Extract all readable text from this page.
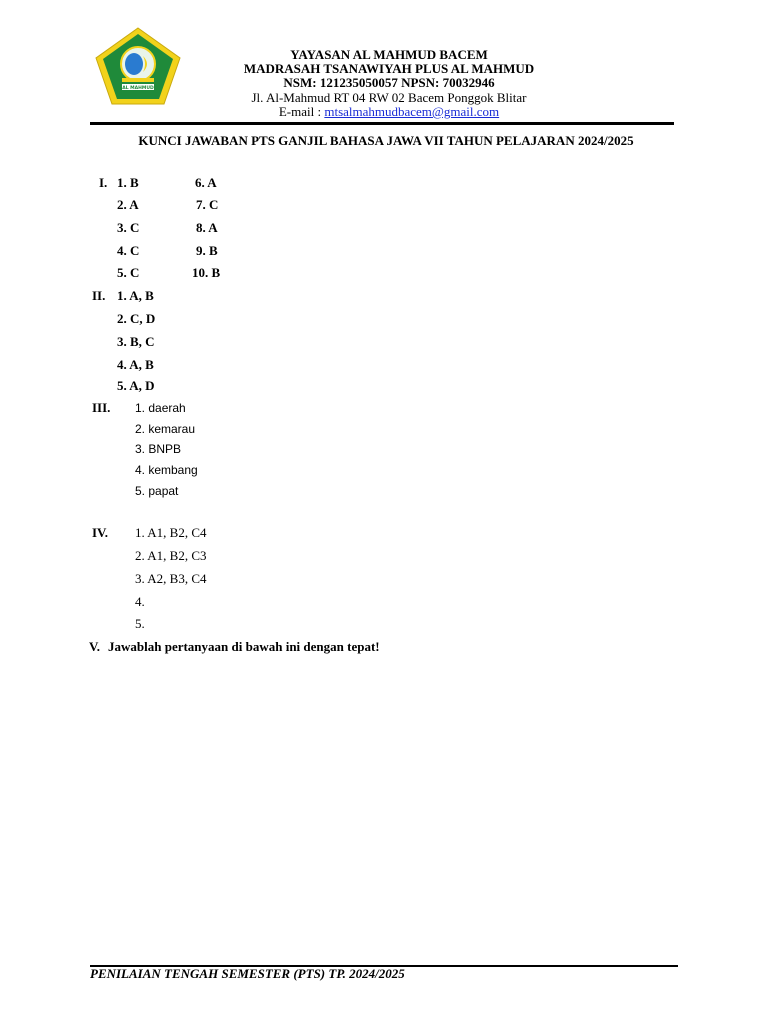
AL MAHMUD
YAYASAN AL MAHMUD BACEM
MADRASAH TSANAWIYAH PLUS AL MAHMUD
NSM: 121235050057 NPSN: 70032946
Jl. Al-Mahmud RT 04 RW 02 Bacem Ponggok Blitar
E-mail : mtsalmahmudbacem@gmail.com
KUNCI JAWABAN PTS GANJIL BAHASA JAWA VII TAHUN PELAJARAN 2024/2025
I. 1. B
2. A
3. C
4. C
5. C
6. A
7. C
8. A
9. B
10. B
II. 1. A, B
2. C, D
3. B, C
4. A, B
5. A, D
III. 1. daerah
2. kemarau
3. BNPB
4. kembang
5. papat
IV. 1. A1, B2, C4
2. A1, B2, C3
3. A2, B3, C4
4.
5.
V. Jawablah pertanyaan di bawah ini dengan tepat!
PENILAIAN TENGAH SEMESTER (PTS) TP. 2024/2025
